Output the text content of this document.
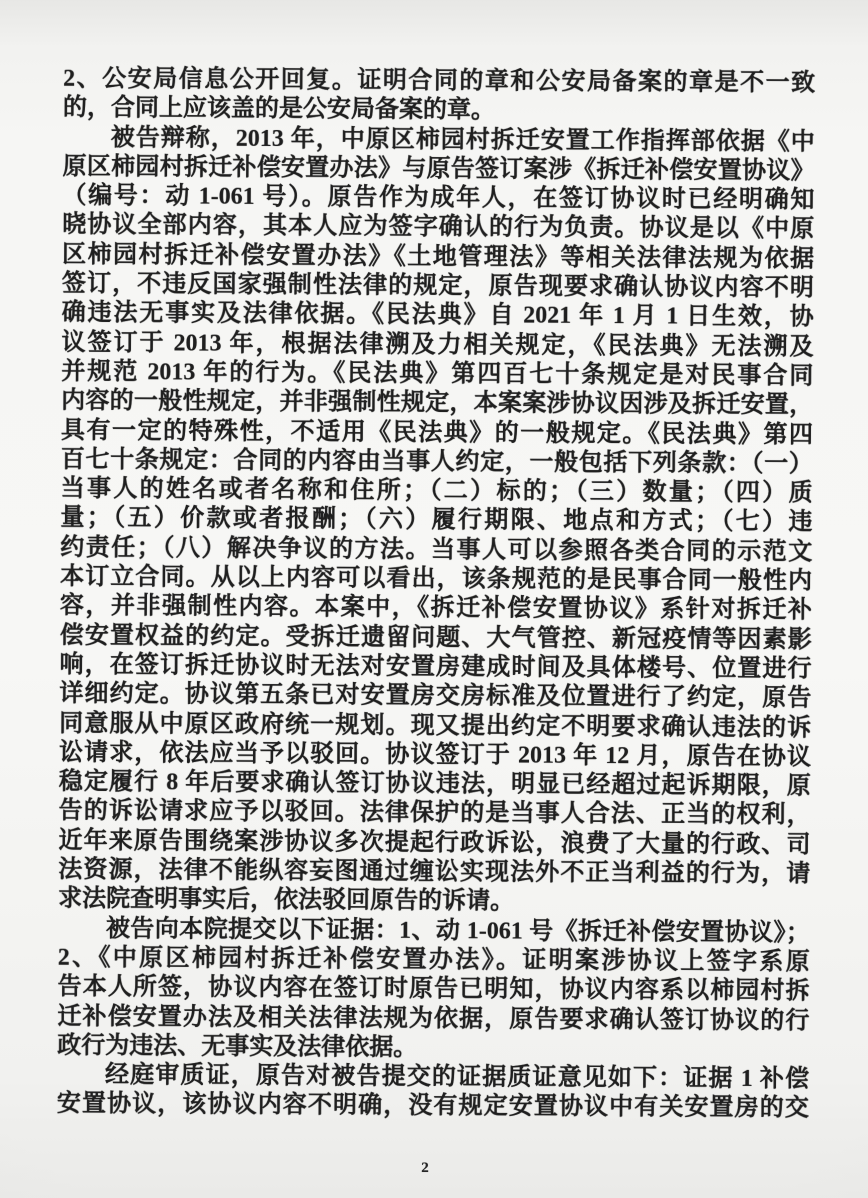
2、公安局信息公开回复。证明合同的章和公安局备案的章是不一致
的，合同上应该盖的是公安局备案的章。
被告辩称，2013 年，中原区柿园村拆迁安置工作指挥部依据《中
原区柿园村拆迁补偿安置办法》与原告签订案涉《拆迁补偿安置协议》
（编号：动 1-061 号）。原告作为成年人，在签订协议时已经明确知
晓协议全部内容，其本人应为签字确认的行为负责。协议是以《中原
区柿园村拆迁补偿安置办法》《土地管理法》等相关法律法规为依据
签订，不违反国家强制性法律的规定，原告现要求确认协议内容不明
确违法无事实及法律依据。《民法典》自 2021 年 1 月 1 日生效，协
议签订于 2013 年，根据法律溯及力相关规定，《民法典》无法溯及
并规范 2013 年的行为。《民法典》第四百七十条规定是对民事合同
内容的一般性规定，并非强制性规定，本案案涉协议因涉及拆迁安置，
具有一定的特殊性，不适用《民法典》的一般规定。《民法典》第四
百七十条规定：合同的内容由当事人约定，一般包括下列条款：（一）
当事人的姓名或者名称和住所；（二）标的；（三）数量；（四）质
量；（五）价款或者报酬；（六）履行期限、地点和方式；（七）违
约责任；（八）解决争议的方法。当事人可以参照各类合同的示范文
本订立合同。从以上内容可以看出，该条规范的是民事合同一般性内
容，并非强制性内容。本案中，《拆迁补偿安置协议》系针对拆迁补
偿安置权益的约定。受拆迁遗留问题、大气管控、新冠疫情等因素影
响，在签订拆迁协议时无法对安置房建成时间及具体楼号、位置进行
详细约定。协议第五条已对安置房交房标准及位置进行了约定，原告
同意服从中原区政府统一规划。现又提出约定不明要求确认违法的诉
讼请求，依法应当予以驳回。协议签订于 2013 年 12 月，原告在协议
稳定履行 8 年后要求确认签订协议违法，明显已经超过起诉期限，原
告的诉讼请求应予以驳回。法律保护的是当事人合法、正当的权利，
近年来原告围绕案涉协议多次提起行政诉讼，浪费了大量的行政、司
法资源，法律不能纵容妄图通过缠讼实现法外不正当利益的行为，请
求法院查明事实后，依法驳回原告的诉请。
被告向本院提交以下证据：1、动 1-061 号《拆迁补偿安置协议》；
2、《中原区柿园村拆迁补偿安置办法》。证明案涉协议上签字系原
告本人所签，协议内容在签订时原告已明知，协议内容系以柿园村拆
迁补偿安置办法及相关法律法规为依据，原告要求确认签订协议的行
政行为违法、无事实及法律依据。
经庭审质证，原告对被告提交的证据质证意见如下：证据 1 补偿
安置协议，该协议内容不明确，没有规定安置协议中有关安置房的交
2
